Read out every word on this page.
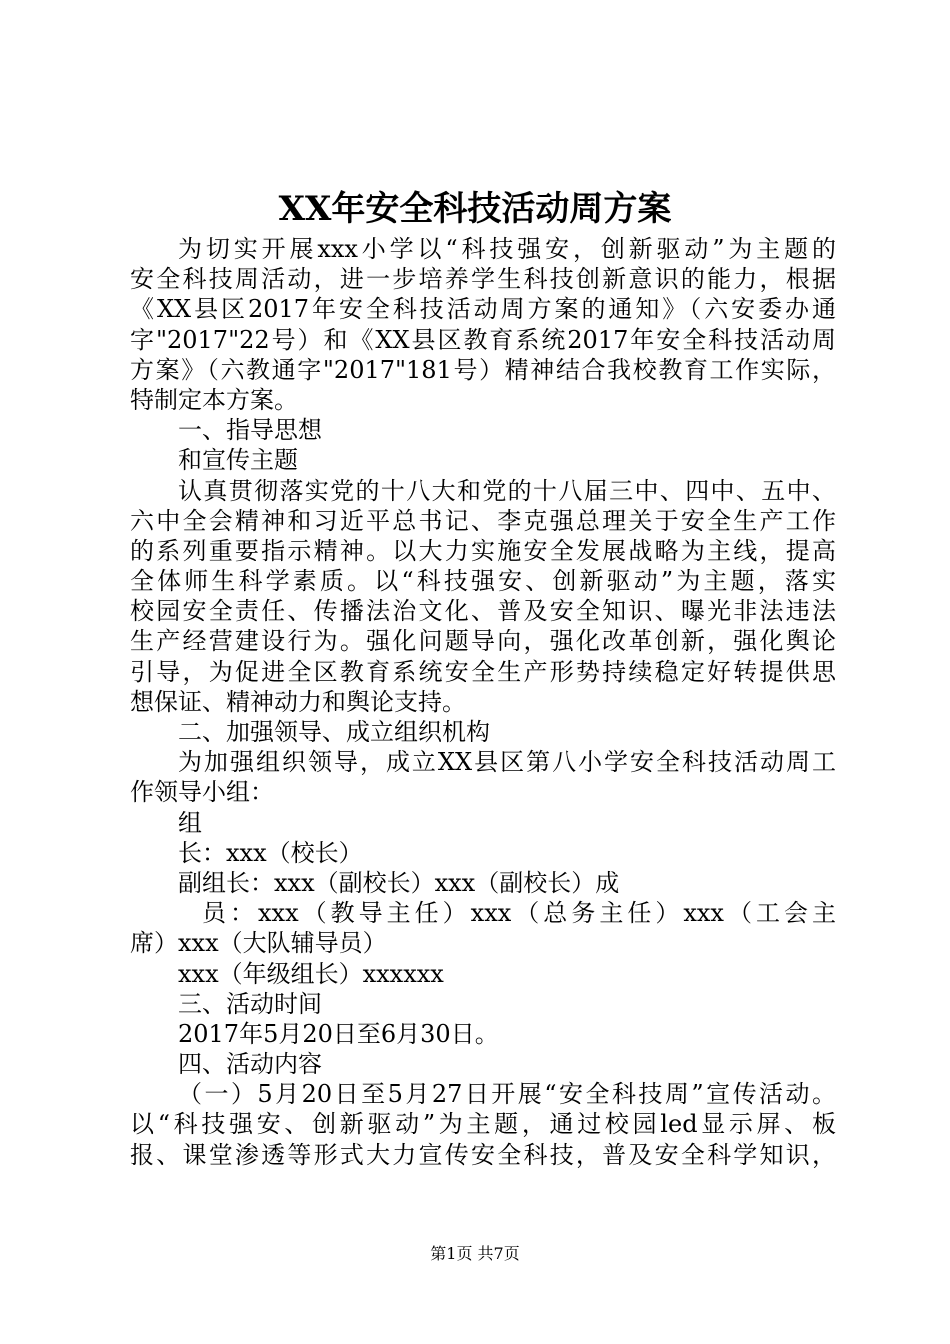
XX年安全科技活动周方案
为切实开展xxx小学以“科技强安，创新驱动”为主题的
安全科技周活动，进一步培养学生科技创新意识的能力，根据
《XX县区2017年安全科技活动周方案的通知》（六安委办通
字"2017"22号）和《XX县区教育系统2017年安全科技活动周
方案》（六教通字"2017"181号）精神结合我校教育工作实际，
特制定本方案。
一、指导思想
和宣传主题
认真贯彻落实党的十八大和党的十八届三中、四中、五中、
六中全会精神和习近平总书记、李克强总理关于安全生产工作
的系列重要指示精神。以大力实施安全发展战略为主线，提高
全体师生科学素质。以“科技强安、创新驱动”为主题，落实
校园安全责任、传播法治文化、普及安全知识、曝光非法违法
生产经营建设行为。强化问题导向，强化改革创新，强化舆论
引导，为促进全区教育系统安全生产形势持续稳定好转提供思
想保证、精神动力和舆论支持。
二、加强领导、成立组织机构
为加强组织领导，成立XX县区第八小学安全科技活动周工
作领导小组：
组
长：xxx（校长）
副组长：xxx（副校长）xxx（副校长）成
员：xxx（教导主任）xxx（总务主任）xxx（工会主
席）xxx（大队辅导员）
xxx（年级组长）xxxxxx
三、活动时间
2017年5月20日至6月30日。
四、活动内容
（一）5月20日至5月27日开展“安全科技周”宣传活动。
以“科技强安、创新驱动”为主题，通过校园led显示屏、板
报、课堂渗透等形式大力宣传安全科技，普及安全科学知识，
第1页 共7页
